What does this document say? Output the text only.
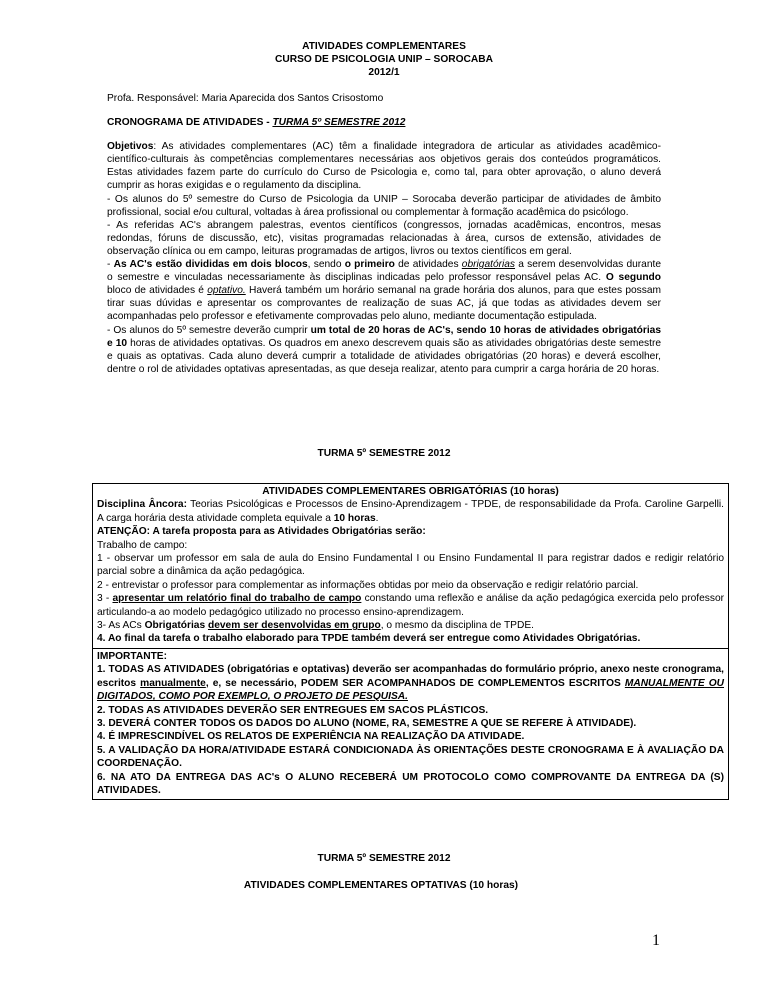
ATIVIDADES COMPLEMENTARES
CURSO DE PSICOLOGIA UNIP – SOROCABA
2012/1

Profa. Responsável: Maria Aparecida dos Santos Crisostomo

CRONOGRAMA DE ATIVIDADES - TURMA 5º SEMESTRE 2012

Objetivos: As atividades complementares (AC) têm a finalidade integradora de articular as atividades acadêmico-científico-culturais às competências complementares necessárias aos objetivos gerais dos conteúdos programáticos. Estas atividades fazem parte do currículo do Curso de Psicologia e, como tal, para obter aprovação, o aluno deverá cumprir as horas exigidas e o regulamento da disciplina.

- Os alunos do 5º semestre do Curso de Psicologia da UNIP – Sorocaba deverão participar de atividades de âmbito profissional, social e/ou cultural, voltadas à área profissional ou complementar à formação acadêmica do psicólogo.

- As referidas AC's abrangem palestras, eventos científicos (congressos, jornadas acadêmicas, encontros, mesas redondas, fóruns de discussão, etc), visitas programadas relacionadas à área, cursos de extensão, atividades de observação clínica ou em campo, leituras programadas de artigos, livros ou textos científicos em geral.

- As AC's estão divididas em dois blocos, sendo o primeiro de atividades obrigatórias a serem desenvolvidas durante o semestre e vinculadas necessariamente às disciplinas indicadas pelo professor responsável pelas AC. O segundo bloco de atividades é optativo. Haverá também um horário semanal na grade horária dos alunos, para que estes possam tirar suas dúvidas e apresentar os comprovantes de realização de suas AC, já que todas as atividades devem ser acompanhadas pelo professor e efetivamente comprovadas pelo aluno, mediante documentação estipulada.

- Os alunos do 5º semestre deverão cumprir um total de 20 horas de AC's, sendo 10 horas de atividades obrigatórias e 10 horas de atividades optativas. Os quadros em anexo descrevem quais são as atividades obrigatórias deste semestre e quais as optativas. Cada aluno deverá cumprir a totalidade de atividades obrigatórias (20 horas) e deverá escolher, dentre o rol de atividades optativas apresentadas, as que deseja realizar, atento para cumprir a carga horária de 20 horas.

TURMA 5º SEMESTRE 2012

ATIVIDADES COMPLEMENTARES OBRIGATÓRIAS (10 horas)

Disciplina Âncora: Teorias Psicológicas e Processos de Ensino-Aprendizagem - TPDE, de responsabilidade da Profa. Caroline Garpelli. A carga horária desta atividade completa equivale a 10 horas.

ATENÇÃO: A tarefa proposta para as Atividades Obrigatórias serão:

Trabalho de campo:

1 - observar um professor em sala de aula do Ensino Fundamental I ou Ensino Fundamental II para registrar dados e redigir relatório parcial sobre a dinâmica da ação pedagógica.

2 - entrevistar o professor para complementar as informações obtidas por meio da observação e redigir relatório parcial.

3 - apresentar um relatório final do trabalho de campo constando uma reflexão e análise da ação pedagógica exercida pelo professor articulando-a ao modelo pedagógico utilizado no processo ensino-aprendizagem.

3- As ACs Obrigatórias devem ser desenvolvidas em grupo, o mesmo da disciplina de TPDE.

4. Ao final da tarefa o trabalho elaborado para TPDE também deverá ser entregue como Atividades Obrigatórias.

IMPORTANTE:

1. TODAS AS ATIVIDADES (obrigatórias e optativas) deverão ser acompanhadas do formulário próprio, anexo neste cronograma, escritos manualmente, e, se necessário, PODEM SER ACOMPANHADOS DE COMPLEMENTOS ESCRITOS MANUALMENTE OU DIGITADOS, COMO POR EXEMPLO, O PROJETO DE PESQUISA.

2. TODAS AS ATIVIDADES DEVERÃO SER ENTREGUES EM SACOS PLÁSTICOS.

3. DEVERÁ CONTER TODOS OS DADOS DO ALUNO (NOME, RA, SEMESTRE A QUE SE REFERE À ATIVIDADE).

4. É IMPRESCINDÍVEL OS RELATOS DE EXPERIÊNCIA NA REALIZAÇÃO DA ATIVIDADE.

5. A VALIDAÇÃO DA HORA/ATIVIDADE ESTARÁ CONDICIONADA ÀS ORIENTAÇÕES DESTE CRONOGRAMA E À AVALIAÇÃO DA COORDENAÇÃO.

6. NA ATO DA ENTREGA DAS AC's O ALUNO RECEBERÁ UM PROTOCOLO COMO COMPROVANTE DA ENTREGA DA (S) ATIVIDADES.

TURMA 5º SEMESTRE 2012
ATIVIDADES COMPLEMENTARES OPTATIVAS (10 horas)
1
